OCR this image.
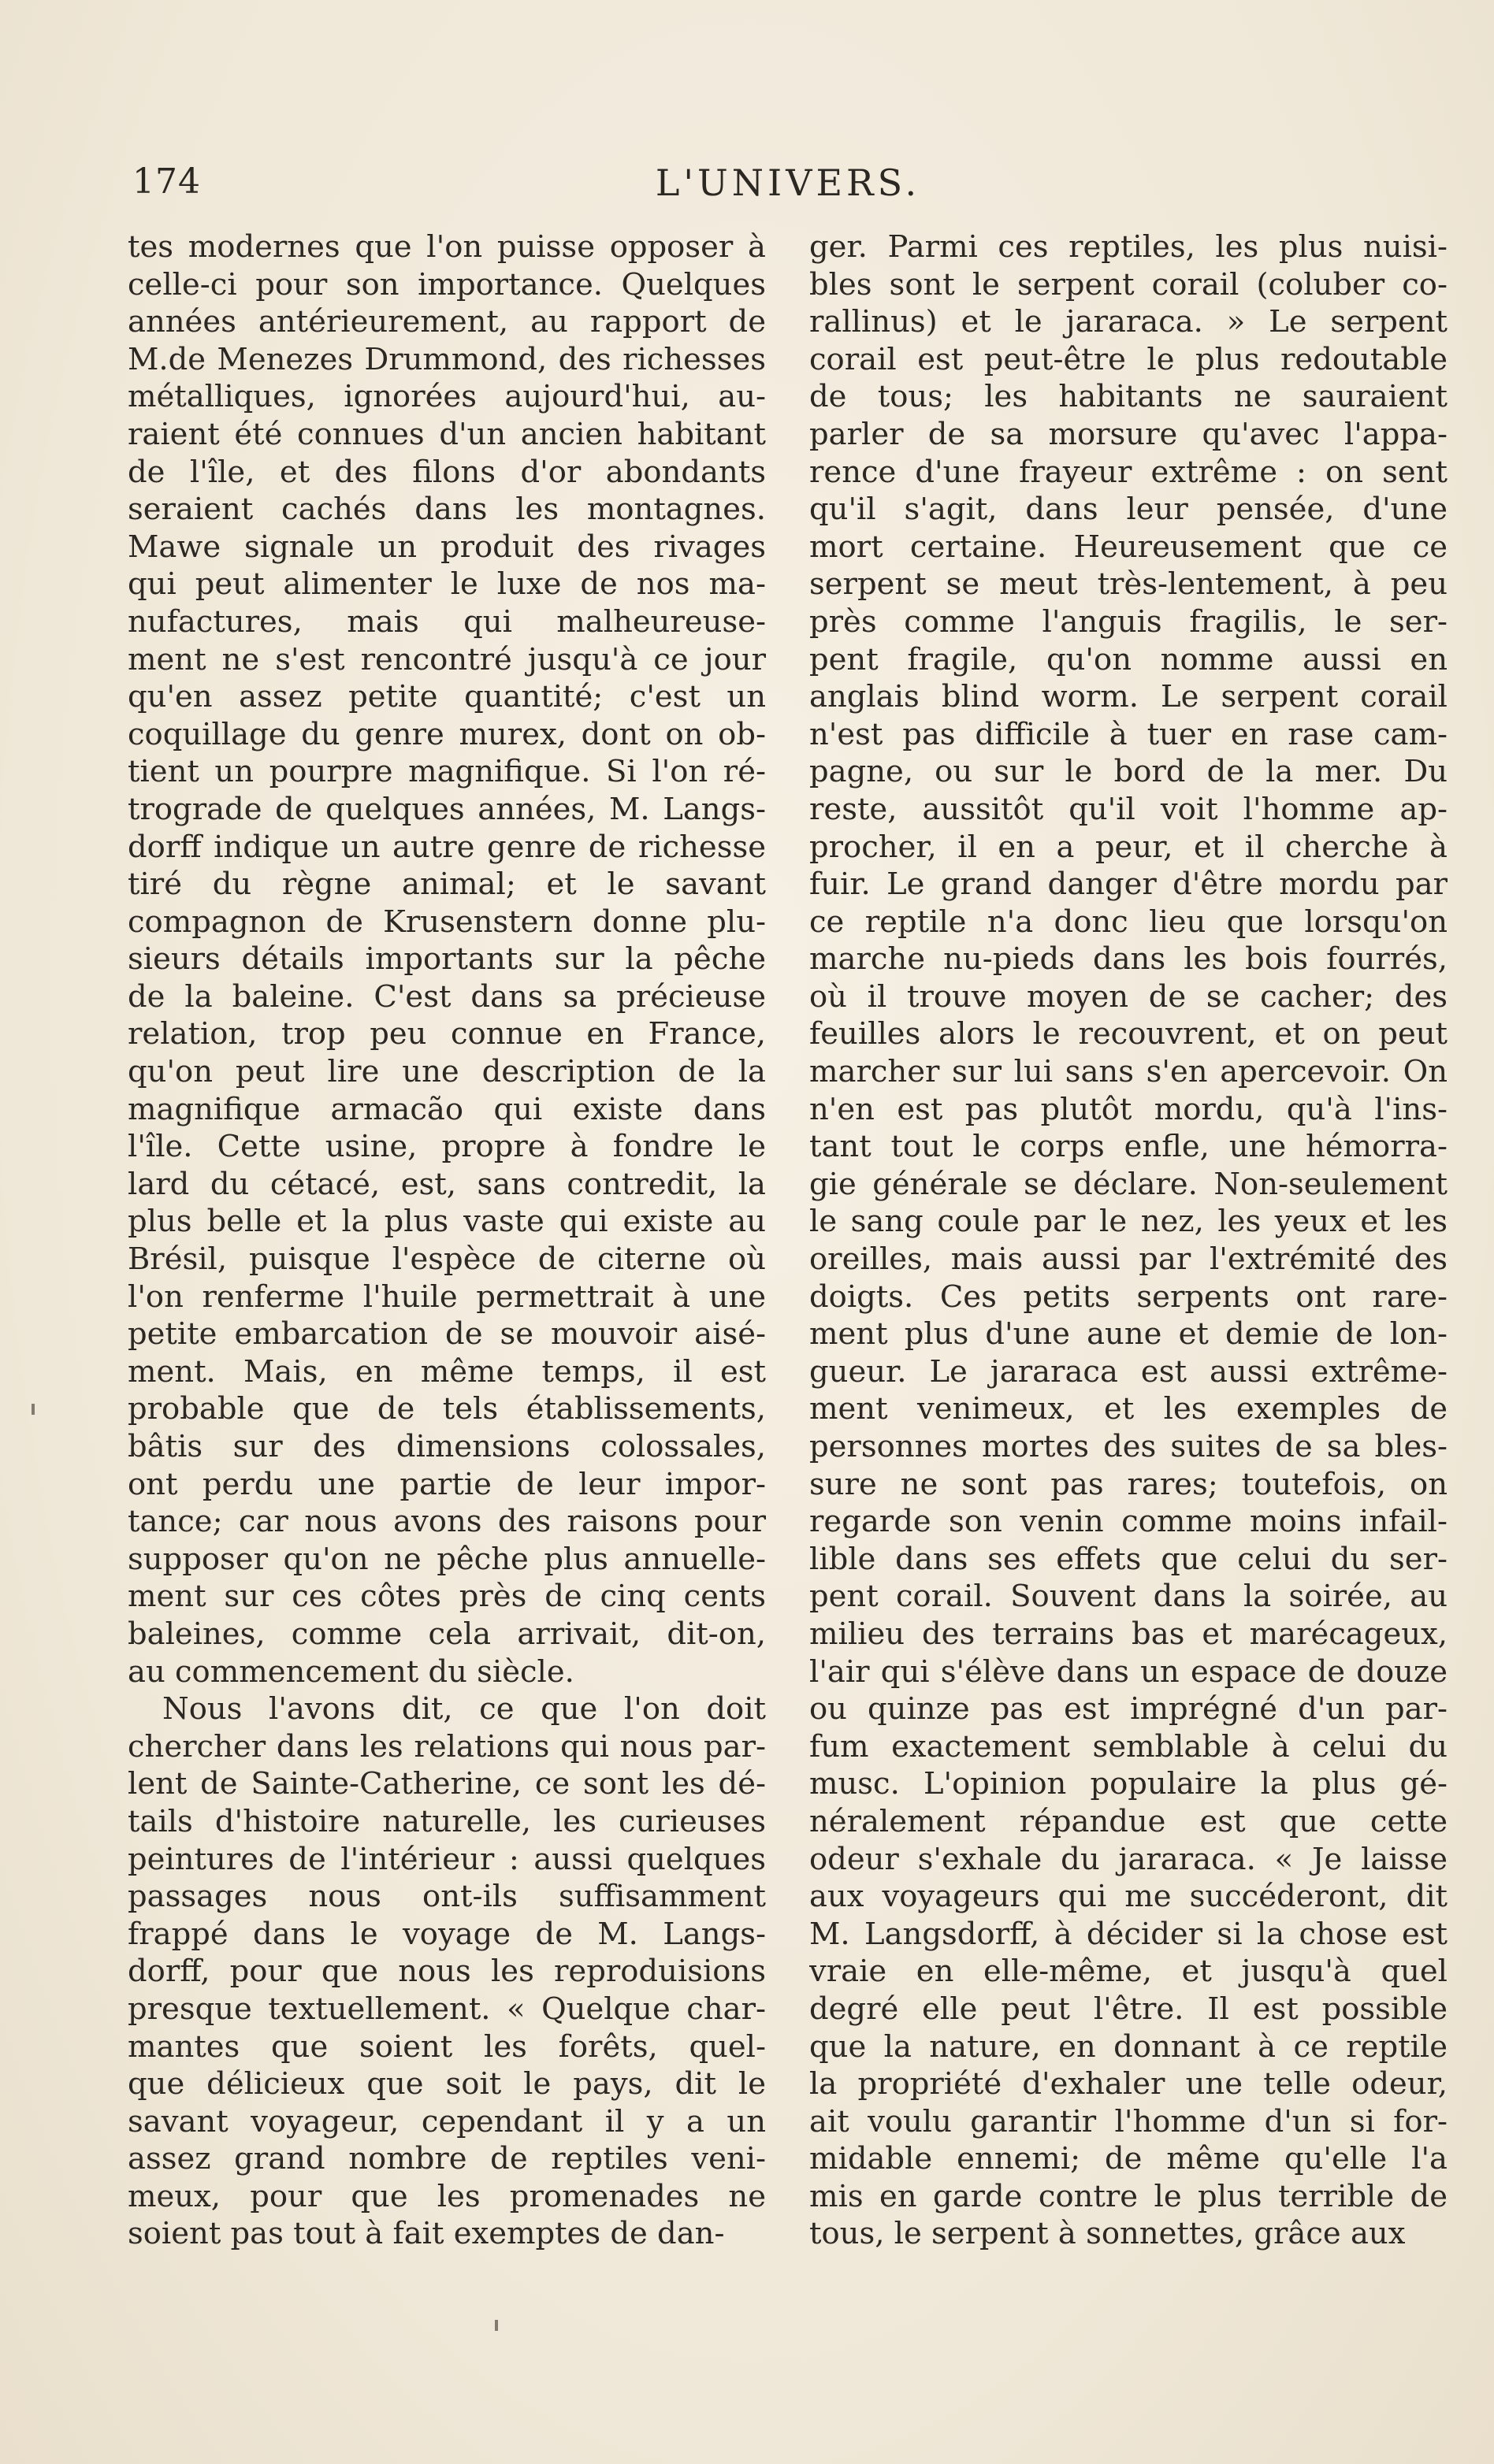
174	L'UNIVERS.
tes modernes que l'on puisse opposer à
celle-ci pour son importance. Quelques
années antérieurement, au rapport de
M.de Menezes Drummond, des richesses
métalliques, ignorées aujourd'hui, au-
raient été connues d'un ancien habitant
de l'île, et des filons d'or abondants
seraient cachés dans les montagnes.
Mawe signale un produit des rivages
qui peut alimenter le luxe de nos ma-
nufactures, mais qui malheureuse-
ment ne s'est rencontré jusqu'à ce jour
qu'en assez petite quantité; c'est un
coquillage du genre murex, dont on ob-
tient un pourpre magnifique. Si l'on ré-
trograde de quelques années, M. Langs-
dorff indique un autre genre de richesse
tiré du règne animal; et le savant
compagnon de Krusenstern donne plu-
sieurs détails importants sur la pêche
de la baleine. C'est dans sa précieuse
relation, trop peu connue en France,
qu'on peut lire une description de la
magnifique armacão qui existe dans
l'île. Cette usine, propre à fondre le
lard du cétacé, est, sans contredit, la
plus belle et la plus vaste qui existe au
Brésil, puisque l'espèce de citerne où
l'on renferme l'huile permettrait à une
petite embarcation de se mouvoir aisé-
ment. Mais, en même temps, il est
probable que de tels établissements,
bâtis sur des dimensions colossales,
ont perdu une partie de leur impor-
tance; car nous avons des raisons pour
supposer qu'on ne pêche plus annuelle-
ment sur ces côtes près de cinq cents
baleines, comme cela arrivait, dit-on,
au commencement du siècle.
Nous l'avons dit, ce que l'on doit
chercher dans les relations qui nous par-
lent de Sainte-Catherine, ce sont les dé-
tails d'histoire naturelle, les curieuses
peintures de l'intérieur : aussi quelques
passages nous ont-ils suffisamment
frappé dans le voyage de M. Langs-
dorff, pour que nous les reproduisions
presque textuellement. « Quelque char-
mantes que soient les forêts, quel-
que délicieux que soit le pays, dit le
savant voyageur, cependant il y a un
assez grand nombre de reptiles veni-
meux, pour que les promenades ne
soient pas tout à fait exemptes de dan-
ger. Parmi ces reptiles, les plus nuisi-
bles sont le serpent corail (coluber co-
rallinus) et le jararaca. » Le serpent
corail est peut-être le plus redoutable
de tous; les habitants ne sauraient
parler de sa morsure qu'avec l'appa-
rence d'une frayeur extrême : on sent
qu'il s'agit, dans leur pensée, d'une
mort certaine. Heureusement que ce
serpent se meut très-lentement, à peu
près comme l'anguis fragilis, le ser-
pent fragile, qu'on nomme aussi en
anglais blind worm. Le serpent corail
n'est pas difficile à tuer en rase cam-
pagne, ou sur le bord de la mer. Du
reste, aussitôt qu'il voit l'homme ap-
procher, il en a peur, et il cherche à
fuir. Le grand danger d'être mordu par
ce reptile n'a donc lieu que lorsqu'on
marche nu-pieds dans les bois fourrés,
où il trouve moyen de se cacher; des
feuilles alors le recouvrent, et on peut
marcher sur lui sans s'en apercevoir. On
n'en est pas plutôt mordu, qu'à l'ins-
tant tout le corps enfle, une hémorra-
gie générale se déclare. Non-seulement
le sang coule par le nez, les yeux et les
oreilles, mais aussi par l'extrémité des
doigts. Ces petits serpents ont rare-
ment plus d'une aune et demie de lon-
gueur. Le jararaca est aussi extrême-
ment venimeux, et les exemples de
personnes mortes des suites de sa bles-
sure ne sont pas rares; toutefois, on
regarde son venin comme moins infail-
lible dans ses effets que celui du ser-
pent corail. Souvent dans la soirée, au
milieu des terrains bas et marécageux,
l'air qui s'élève dans un espace de douze
ou quinze pas est imprégné d'un par-
fum exactement semblable à celui du
musc. L'opinion populaire la plus gé-
néralement répandue est que cette
odeur s'exhale du jararaca. « Je laisse
aux voyageurs qui me succéderont, dit
M. Langsdorff, à décider si la chose est
vraie en elle-même, et jusqu'à quel
degré elle peut l'être. Il est possible
que la nature, en donnant à ce reptile
la propriété d'exhaler une telle odeur,
ait voulu garantir l'homme d'un si for-
midable ennemi; de même qu'elle l'a
mis en garde contre le plus terrible de
tous, le serpent à sonnettes, grâce aux
